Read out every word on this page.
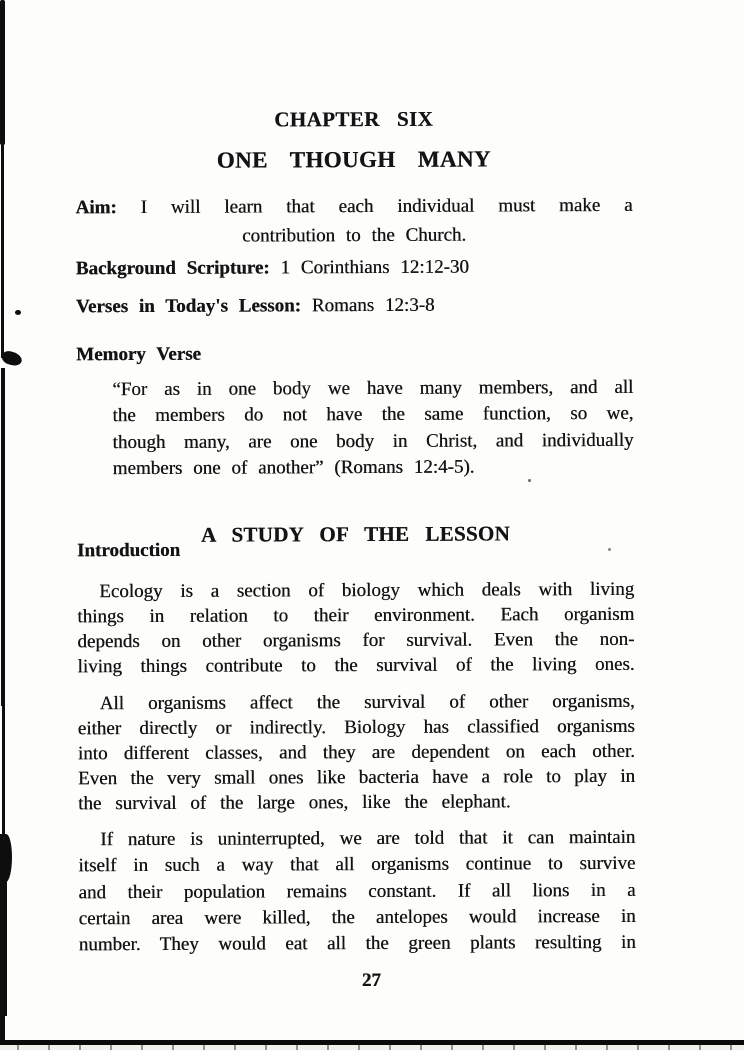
CHAPTER SIX
ONE THOUGH MANY
Aim: I will learn that each individual must make a
contribution to the Church.
Background Scripture: 1 Corinthians 12:12-30
Verses in Today's Lesson: Romans 12:3-8
Memory Verse
“For as in one body we have many members, and all
the members do not have the same function, so we,
though many, are one body in Christ, and individually
members one of another” (Romans 12:4-5).
A STUDY OF THE LESSON
Introduction
Ecology is a section of biology which deals with living
things in relation to their environment. Each organism
depends on other organisms for survival. Even the non-
living things contribute to the survival of the living ones.
All organisms affect the survival of other organisms,
either directly or indirectly. Biology has classified organisms
into different classes, and they are dependent on each other.
Even the very small ones like bacteria have a role to play in
the survival of the large ones, like the elephant.
If nature is uninterrupted, we are told that it can maintain
itself in such a way that all organisms continue to survive
and their population remains constant. If all lions in a
certain area were killed, the antelopes would increase in
number. They would eat all the green plants resulting in
27
